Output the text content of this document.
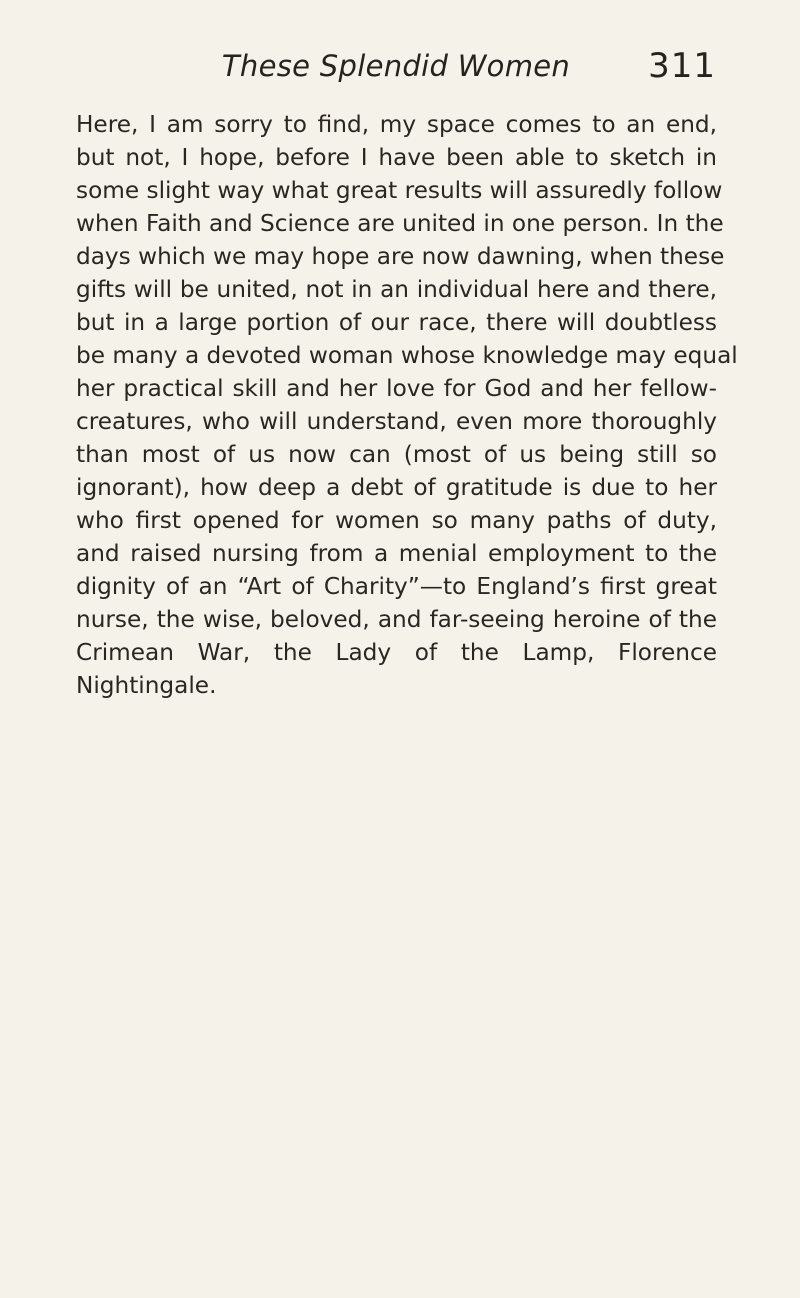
These Splendid Women	311

Here, I am sorry to find, my space comes to an end,
but not, I hope, before I have been able to sketch in
some slight way what great results will assuredly follow
when Faith and Science are united in one person. In the
days which we may hope are now dawning, when these
gifts will be united, not in an individual here and there,
but in a large portion of our race, there will doubtless
be many a devoted woman whose knowledge may equal
her practical skill and her love for God and her fellow-
creatures, who will understand, even more thoroughly
than most of us now can (most of us being still so
ignorant), how deep a debt of gratitude is due to her
who first opened for women so many paths of duty,
and raised nursing from a menial employment to the
dignity of an “Art of Charity”—to England’s first great
nurse, the wise, beloved, and far-seeing heroine of the
Crimean War, the Lady of the Lamp, Florence
Nightingale.
